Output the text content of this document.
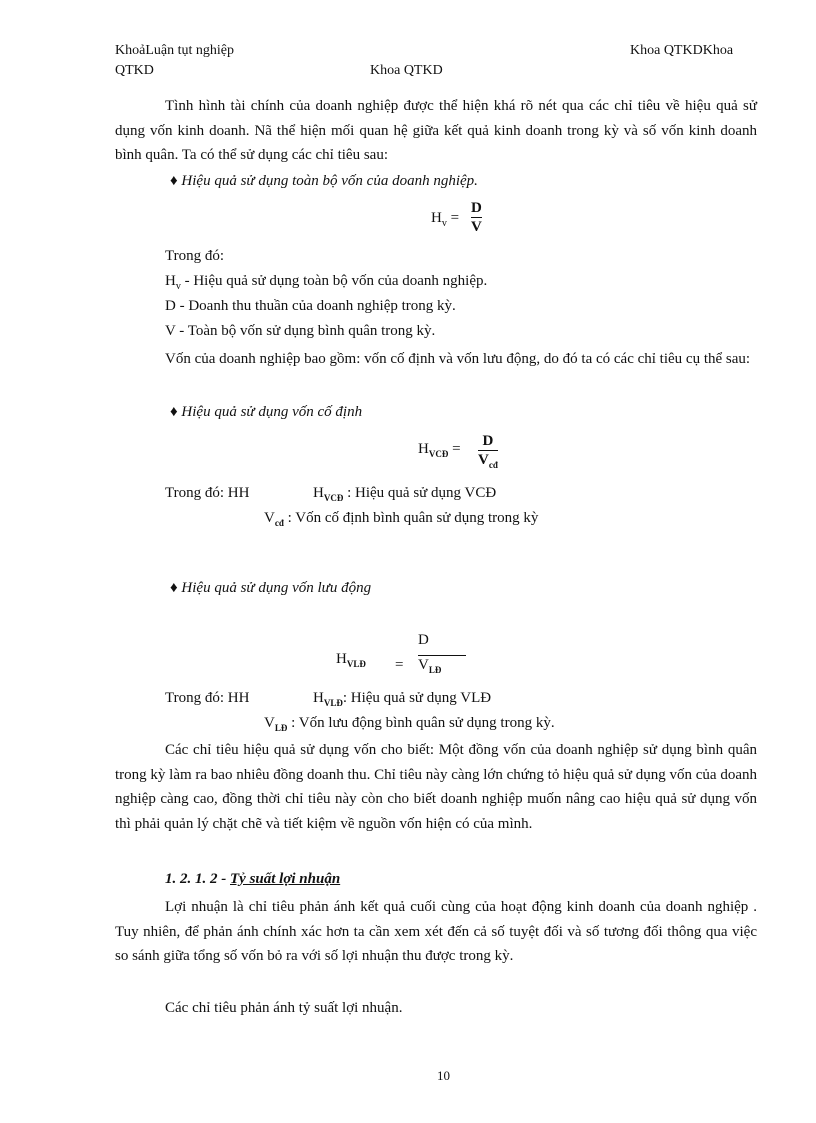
KhoảLuận tụt nghiệp
QTKD	Khoa QTKD
Khoa QTKDKhoa
Tình hình tài chính của doanh nghiệp được thể hiện khá rõ nét qua các chỉ tiêu về hiệu quả sử dụng vốn kinh doanh. Nã thể hiện mối quan hệ giữa kết quả kinh doanh trong kỳ và số vốn kinh doanh bình quân. Ta có thể sử dụng các chỉ tiêu sau:
♦ Hiệu quả sử dụng toàn bộ vốn của doanh nghiệp.
$H_v$ =
D
V
Trong đó:
$H_v$ - Hiệu quả sử dụng toàn bộ vốn của doanh nghiệp.
D - Doanh thu thuần của doanh nghiệp trong kỳ.
V - Toàn bộ vốn sử dụng bình quân trong kỳ.
Vốn của doanh nghiệp bao gồm: vốn cố định và vốn lưu động, do đó ta có các chỉ tiêu cụ thể sau:
♦ Hiệu quả sử dụng vốn cố định
$H_{VCĐ} = D$
$V_{cđ}$
Trong đó: HH	$H_{VCĐ}$ : Hiệu quả sử dụng VCĐ
$V_{cđ}$ : Vốn cố định bình quân sử dụng trong kỳ
♦ Hiệu quả sử dụng vốn lưu động
$H_{VLĐ}$ =
D
$V_{LĐ}$
Trong đó: HH	$H_{VLĐ}$: Hiệu quả sử dụng VLĐ
$V_{LĐ}$ : Vốn lưu động bình quân sử dụng trong kỳ.
Các chỉ tiêu hiệu quả sử dụng vốn cho biết: Một đồng vốn của doanh nghiệp sử dụng bình quân trong kỳ làm ra bao nhiêu đồng doanh thu. Chỉ tiêu này càng lớn chứng tỏ hiệu quả sử dụng vốn của doanh nghiệp càng cao, đồng thời chỉ tiêu này còn cho biết doanh nghiệp muốn nâng cao hiệu quả sử dụng vốn thì phải quản lý chặt chẽ và tiết kiệm về nguồn vốn hiện có của mình.
1. 2. 1. 2 - Tỷ suất lợi nhuận
Lợi nhuận là chỉ tiêu phản ánh kết quả cuối cùng của hoạt động kinh doanh của doanh nghiệp . Tuy nhiên, để phản ánh chính xác hơn ta cần xem xét đến cả số tuyệt đối và số tương đối thông qua việc so sánh giữa tổng số vốn bỏ ra với số lợi nhuận thu được trong kỳ.
Các chỉ tiêu phản ánh tỷ suất lợi nhuận.
10
